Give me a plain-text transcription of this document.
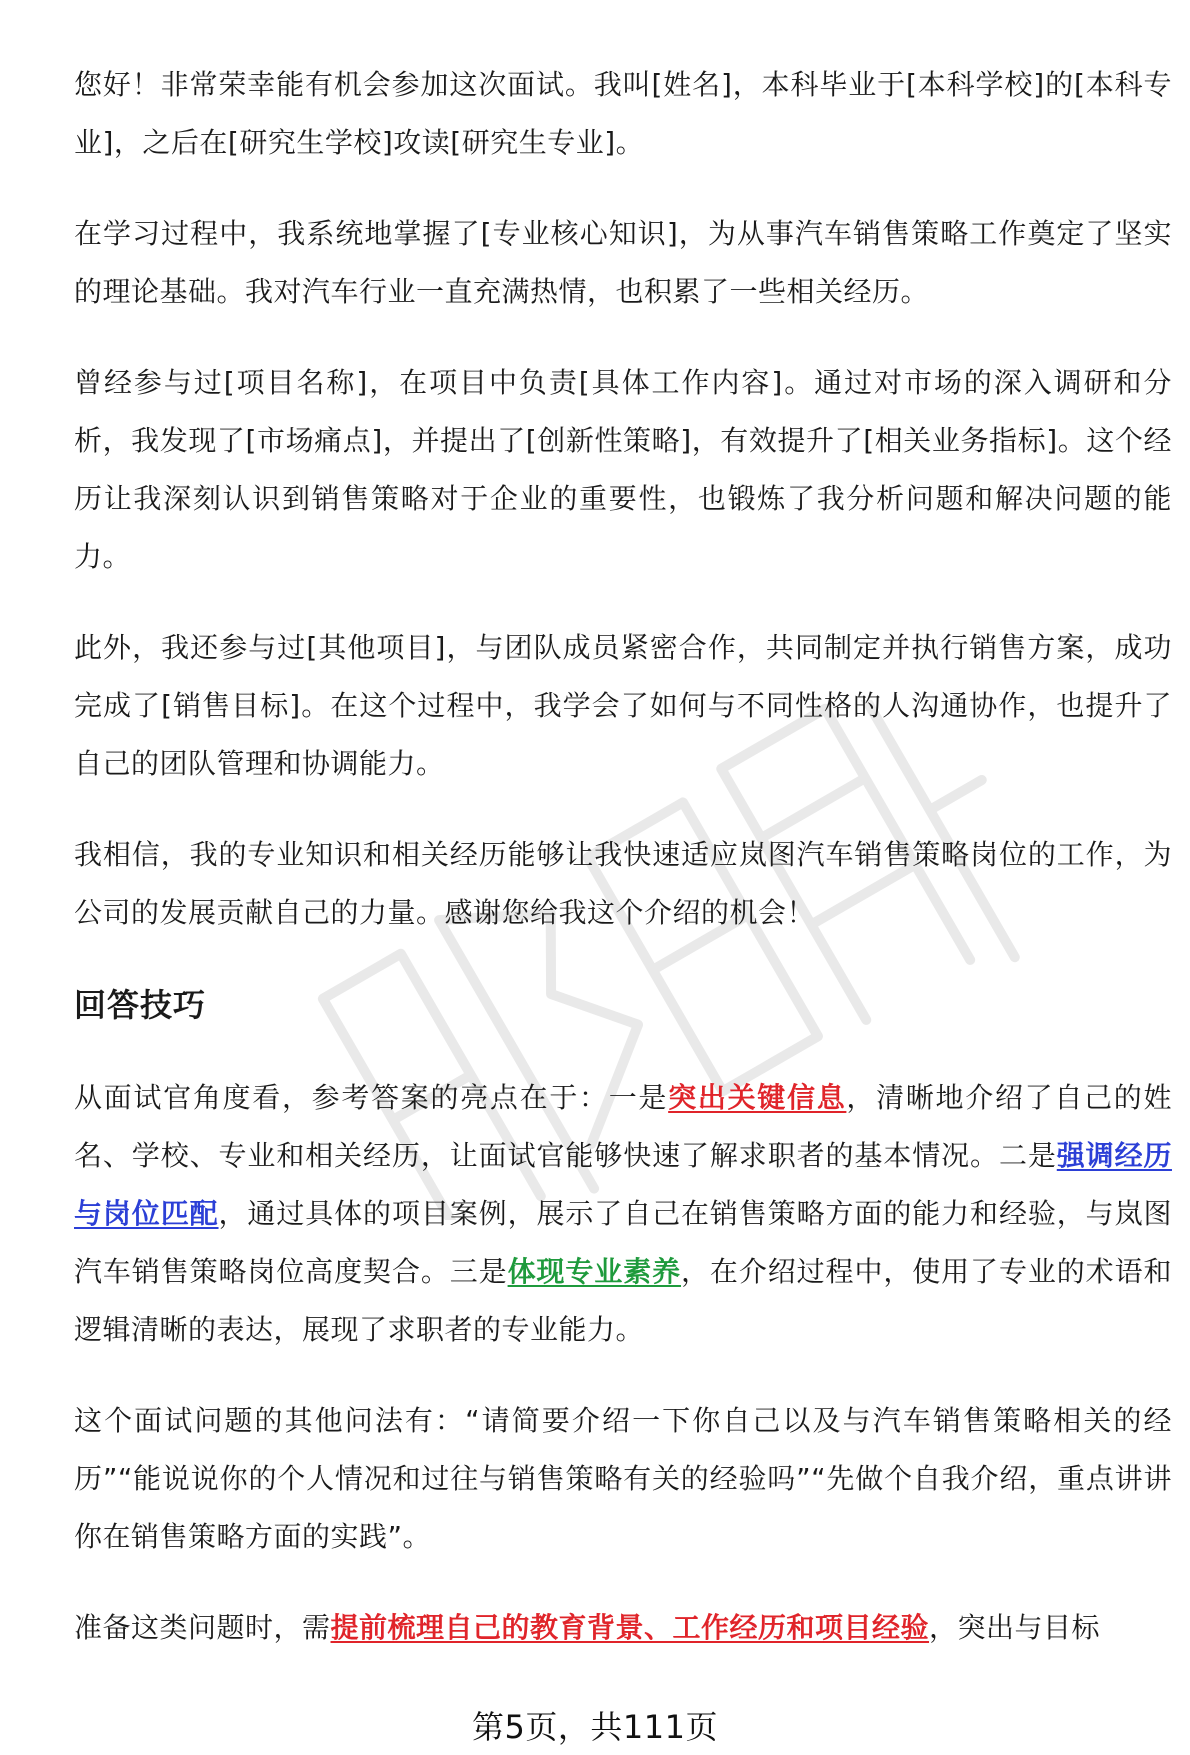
您好！非常荣幸能有机会参加这次面试。我叫[姓名]，本科毕业于[本科学校]的[本科专业]，之后在[研究生学校]攻读[研究生专业]。

在学习过程中，我系统地掌握了[专业核心知识]，为从事汽车销售策略工作奠定了坚实的理论基础。我对汽车行业一直充满热情，也积累了一些相关经历。

曾经参与过[项目名称]，在项目中负责[具体工作内容]。通过对市场的深入调研和分析，我发现了[市场痛点]，并提出了[创新性策略]，有效提升了[相关业务指标]。这个经历让我深刻认识到销售策略对于企业的重要性，也锻炼了我分析问题和解决问题的能力。

此外，我还参与过[其他项目]，与团队成员紧密合作，共同制定并执行销售方案，成功完成了[销售目标]。在这个过程中，我学会了如何与不同性格的人沟通协作，也提升了自己的团队管理和协调能力。

我相信，我的专业知识和相关经历能够让我快速适应岚图汽车销售策略岗位的工作，为公司的发展贡献自己的力量。感谢您给我这个介绍的机会！

回答技巧

从面试官角度看，参考答案的亮点在于：一是突出关键信息，清晰地介绍了自己的姓名、学校、专业和相关经历，让面试官能够快速了解求职者的基本情况。二是强调经历与岗位匹配，通过具体的项目案例，展示了自己在销售策略方面的能力和经验，与岚图汽车销售策略岗位高度契合。三是体现专业素养，在介绍过程中，使用了专业的术语和逻辑清晰的表达，展现了求职者的专业能力。

这个面试问题的其他问法有：“请简要介绍一下你自己以及与汽车销售策略相关的经历”“能说说你的个人情况和过往与销售策略有关的经验吗”“先做个自我介绍，重点讲讲你在销售策略方面的实践”。

准备这类问题时，需提前梳理自己的教育背景、工作经历和项目经验，突出与目标

第5页，共111页
